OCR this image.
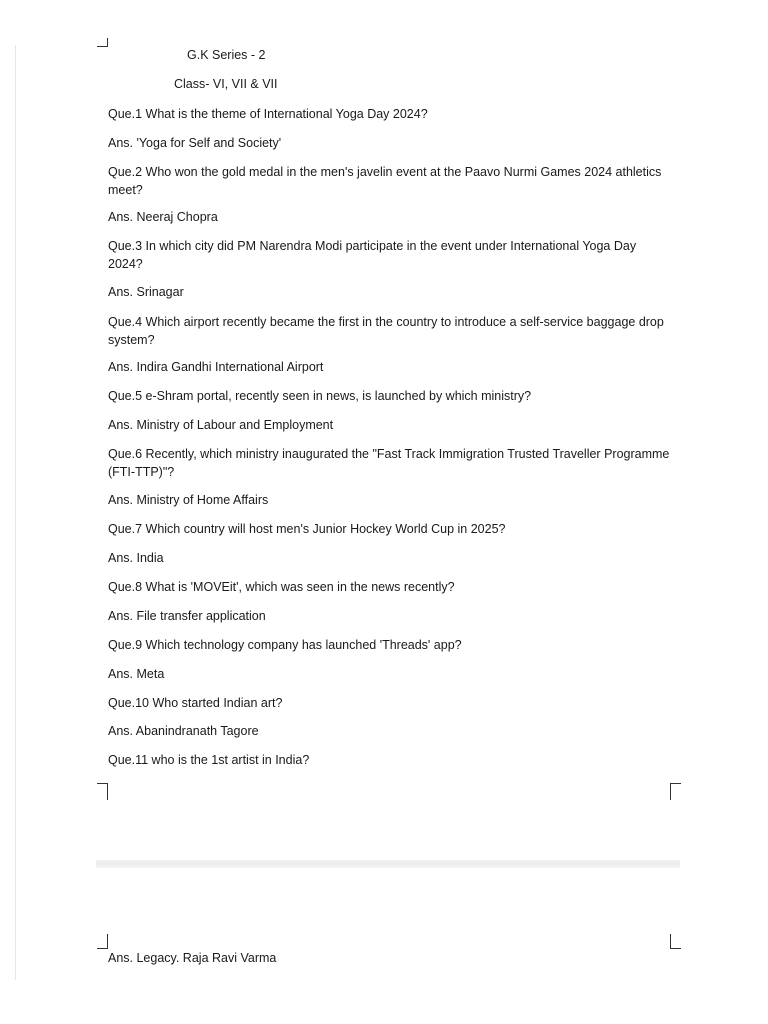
G.K Series - 2
Class- VI, VII & VII
Que.1 What is the theme of International Yoga Day 2024?
Ans. 'Yoga for Self and Society'
Que.2 Who won the gold medal in the men's javelin event at the Paavo Nurmi Games 2024 athletics meet?
Ans. Neeraj Chopra
Que.3 In which city did PM Narendra Modi participate in the event under International Yoga Day 2024?
Ans. Srinagar
Que.4 Which airport recently became the first in the country to introduce a self-service baggage drop system?
Ans. Indira Gandhi International Airport
Que.5 e-Shram portal, recently seen in news, is launched by which ministry?
Ans. Ministry of Labour and Employment
Que.6 Recently, which ministry inaugurated the "Fast Track Immigration Trusted Traveller Programme (FTI-TTP)"?
Ans. Ministry of Home Affairs
Que.7 Which country will host men's Junior Hockey World Cup in 2025?
Ans. India
Que.8 What is 'MOVEit', which was seen in the news recently?
Ans. File transfer application
Que.9 Which technology company has launched 'Threads' app?
Ans. Meta
Que.10 Who started Indian art?
Ans. Abanindranath Tagore
Que.11 who is the 1st artist in India?
Ans. Legacy. Raja Ravi Varma
